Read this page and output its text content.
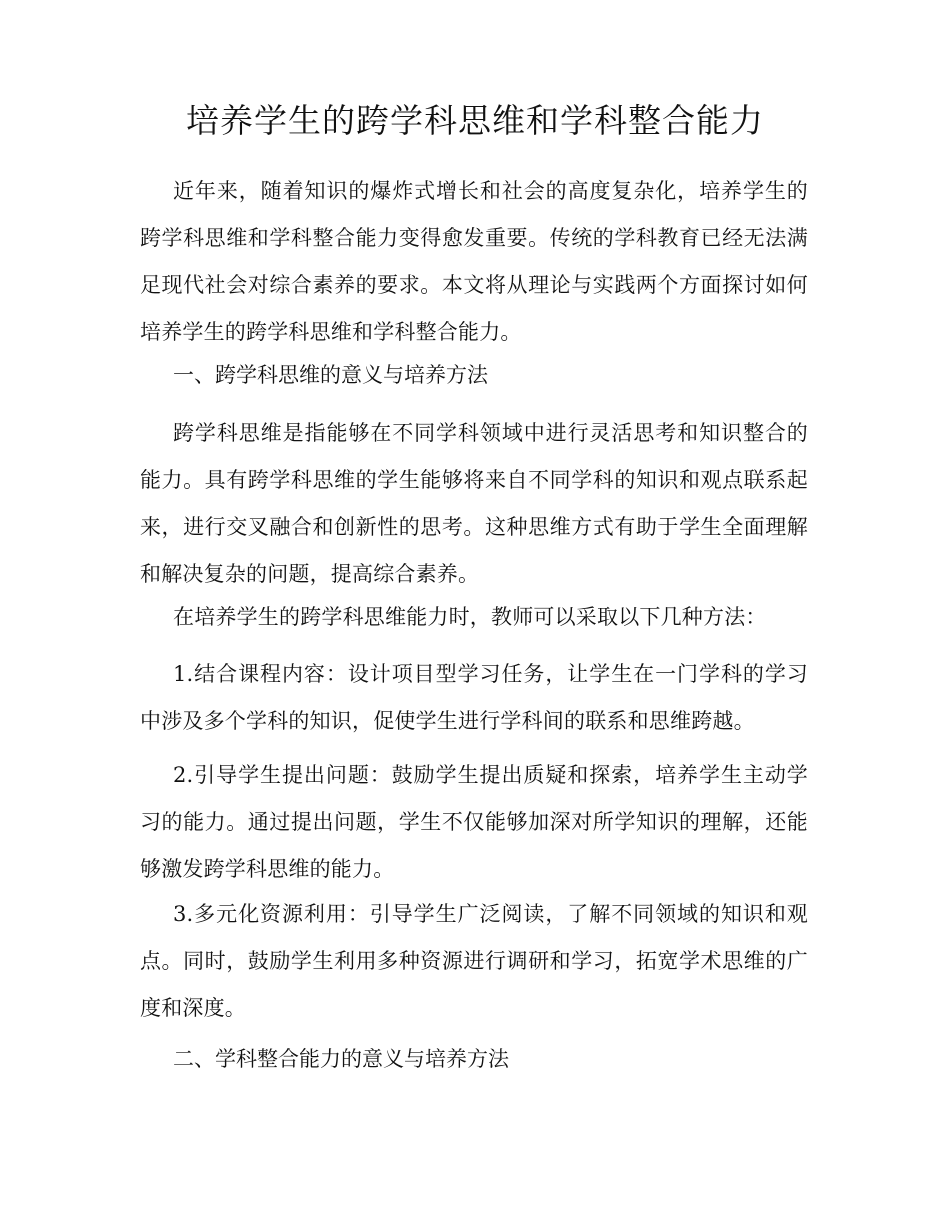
培养学生的跨学科思维和学科整合能力

近年来，随着知识的爆炸式增长和社会的高度复杂化，培养学生的跨学科思维和学科整合能力变得愈发重要。传统的学科教育已经无法满足现代社会对综合素养的要求。本文将从理论与实践两个方面探讨如何培养学生的跨学科思维和学科整合能力。

一、跨学科思维的意义与培养方法

跨学科思维是指能够在不同学科领域中进行灵活思考和知识整合的能力。具有跨学科思维的学生能够将来自不同学科的知识和观点联系起来，进行交叉融合和创新性的思考。这种思维方式有助于学生全面理解和解决复杂的问题，提高综合素养。

在培养学生的跨学科思维能力时，教师可以采取以下几种方法：

1.结合课程内容：设计项目型学习任务，让学生在一门学科的学习中涉及多个学科的知识，促使学生进行学科间的联系和思维跨越。

2.引导学生提出问题：鼓励学生提出质疑和探索，培养学生主动学习的能力。通过提出问题，学生不仅能够加深对所学知识的理解，还能够激发跨学科思维的能力。

3.多元化资源利用：引导学生广泛阅读，了解不同领域的知识和观点。同时，鼓励学生利用多种资源进行调研和学习，拓宽学术思维的广度和深度。

二、学科整合能力的意义与培养方法
